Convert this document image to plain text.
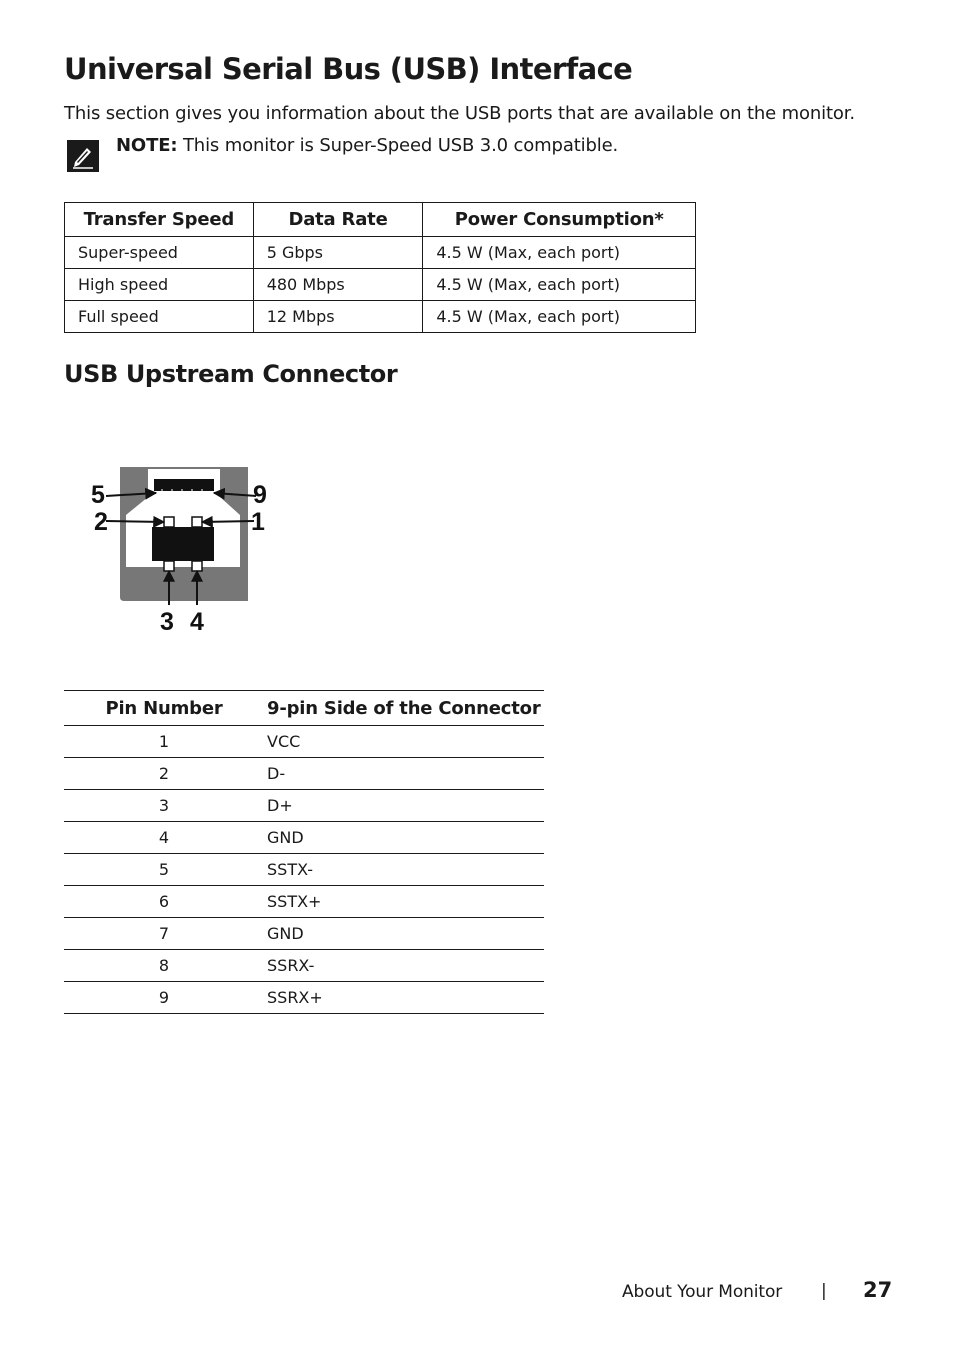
Universal Serial Bus (USB) Interface
This section gives you information about the USB ports that are available on the monitor.
NOTE: This monitor is Super-Speed USB 3.0 compatible.
Transfer Speed	Data Rate	Power Consumption*
Super-speed	5 Gbps	4.5 W (Max, each port)
High speed	480 Mbps	4.5 W (Max, each port)
Full speed	12 Mbps	4.5 W (Max, each port)
USB Upstream Connector
5	9
2	1
3 4
Pin Number	9-pin Side of the Connector
1	VCC
2	D-
3	D+
4	GND
5	SSTX-
6	SSTX+
7	GND
8	SSRX-
9	SSRX+
About Your Monitor | 27
